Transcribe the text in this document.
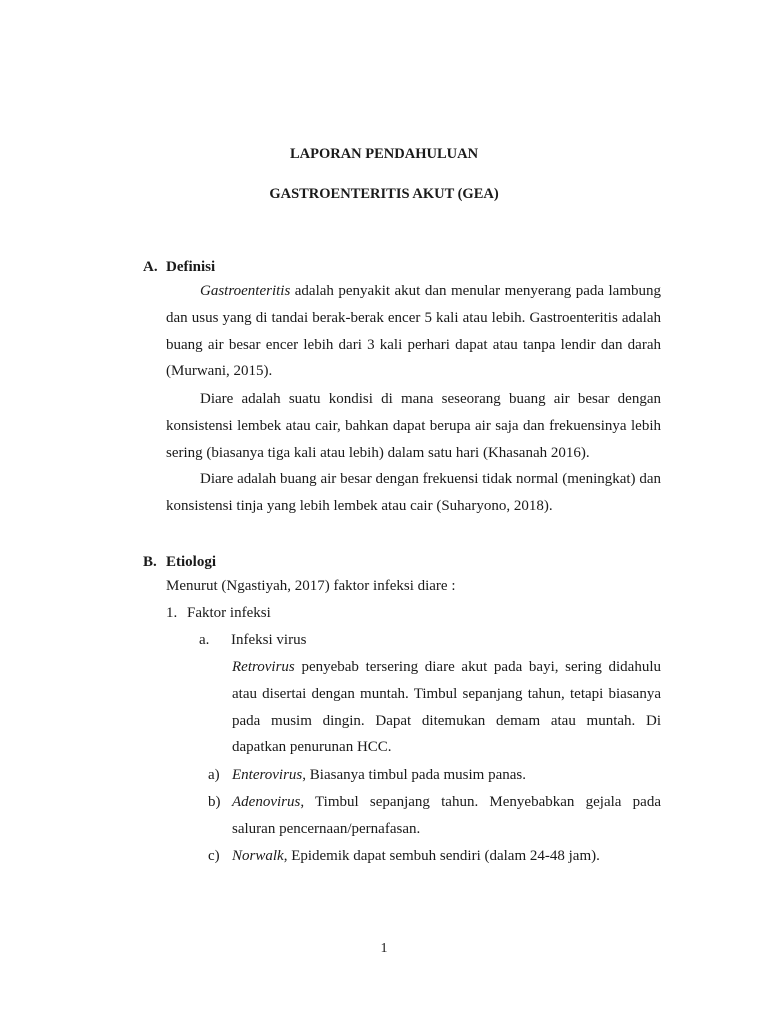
LAPORAN PENDAHULUAN
GASTROENTERITIS AKUT (GEA)
A. Definisi

Gastroenteritis adalah penyakit akut dan menular menyerang pada lambung dan usus yang di tandai berak-berak encer 5 kali atau lebih. Gastroenteritis adalah buang air besar encer lebih dari 3 kali perhari dapat atau tanpa lendir dan darah (Murwani, 2015).

Diare adalah suatu kondisi di mana seseorang buang air besar dengan konsistensi lembek atau cair, bahkan dapat berupa air saja dan frekuensinya lebih sering (biasanya tiga kali atau lebih) dalam satu hari (Khasanah 2016).

Diare adalah buang air besar dengan frekuensi tidak normal (meningkat) dan konsistensi tinja yang lebih lembek atau cair (Suharyono, 2018).

B. Etiologi

Menurut (Ngastiyah, 2017) faktor infeksi diare :

1. Faktor infeksi

a. Infeksi virus

Retrovirus penyebab tersering diare akut pada bayi, sering didahulu atau disertai dengan muntah. Timbul sepanjang tahun, tetapi biasanya pada musim dingin. Dapat ditemukan demam atau muntah. Di dapatkan penurunan HCC.

a) Enterovirus, Biasanya timbul pada musim panas.
b) Adenovirus, Timbul sepanjang tahun. Menyebabkan gejala pada saluran pencernaan/pernafasan.
c) Norwalk, Epidemik dapat sembuh sendiri (dalam 24-48 jam).
1
